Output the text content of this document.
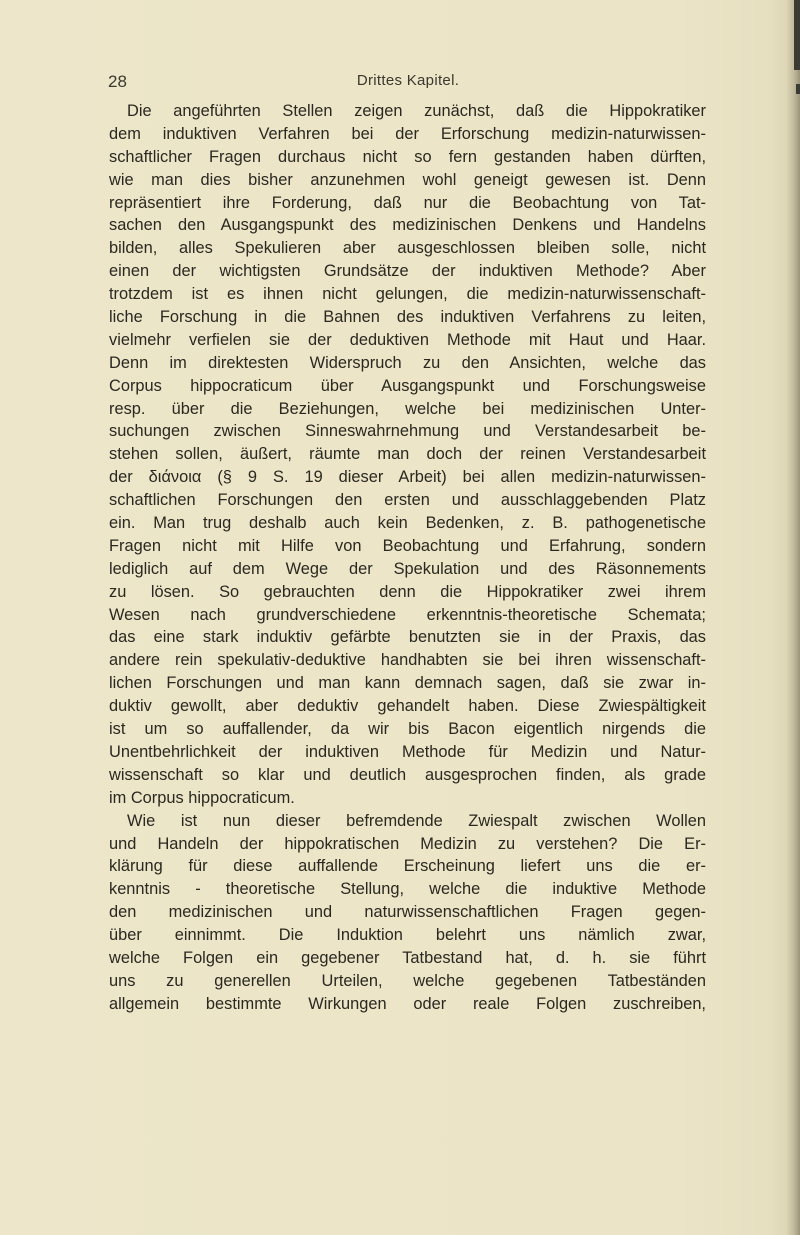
28	Drittes Kapitel.
Die angeführten Stellen zeigen zunächst, daß die Hippokratiker
dem induktiven Verfahren bei der Erforschung medizin-naturwissen-
schaftlicher Fragen durchaus nicht so fern gestanden haben dürften,
wie man dies bisher anzunehmen wohl geneigt gewesen ist. Denn
repräsentiert ihre Forderung, daß nur die Beobachtung von Tat-
sachen den Ausgangspunkt des medizinischen Denkens und Handelns
bilden, alles Spekulieren aber ausgeschlossen bleiben solle, nicht
einen der wichtigsten Grundsätze der induktiven Methode? Aber
trotzdem ist es ihnen nicht gelungen, die medizin-naturwissenschaft-
liche Forschung in die Bahnen des induktiven Verfahrens zu leiten,
vielmehr verfielen sie der deduktiven Methode mit Haut und Haar.
Denn im direktesten Widerspruch zu den Ansichten, welche das
Corpus hippocraticum über Ausgangspunkt und Forschungsweise
resp. über die Beziehungen, welche bei medizinischen Unter-
suchungen zwischen Sinneswahrnehmung und Verstandesarbeit be-
stehen sollen, äußert, räumte man doch der reinen Verstandesarbeit
der διάνοια (§ 9 S. 19 dieser Arbeit) bei allen medizin-naturwissen-
schaftlichen Forschungen den ersten und ausschlaggebenden Platz
ein. Man trug deshalb auch kein Bedenken, z. B. pathogenetische
Fragen nicht mit Hilfe von Beobachtung und Erfahrung, sondern
lediglich auf dem Wege der Spekulation und des Räsonnements
zu lösen. So gebrauchten denn die Hippokratiker zwei ihrem
Wesen nach grundverschiedene erkenntnis-theoretische Schemata;
das eine stark induktiv gefärbte benutzten sie in der Praxis, das
andere rein spekulativ-deduktive handhabten sie bei ihren wissenschaft-
lichen Forschungen und man kann demnach sagen, daß sie zwar in-
duktiv gewollt, aber deduktiv gehandelt haben. Diese Zwiespältigkeit
ist um so auffallender, da wir bis Bacon eigentlich nirgends die
Unentbehrlichkeit der induktiven Methode für Medizin und Natur-
wissenschaft so klar und deutlich ausgesprochen finden, als grade
im Corpus hippocraticum.
Wie ist nun dieser befremdende Zwiespalt zwischen Wollen
und Handeln der hippokratischen Medizin zu verstehen? Die Er-
klärung für diese auffallende Erscheinung liefert uns die er-
kenntnis - theoretische Stellung, welche die induktive Methode
den medizinischen und naturwissenschaftlichen Fragen gegen-
über einnimmt. Die Induktion belehrt uns nämlich zwar,
welche Folgen ein gegebener Tatbestand hat, d. h. sie führt
uns zu generellen Urteilen, welche gegebenen Tatbeständen
allgemein bestimmte Wirkungen oder reale Folgen zuschreiben,
